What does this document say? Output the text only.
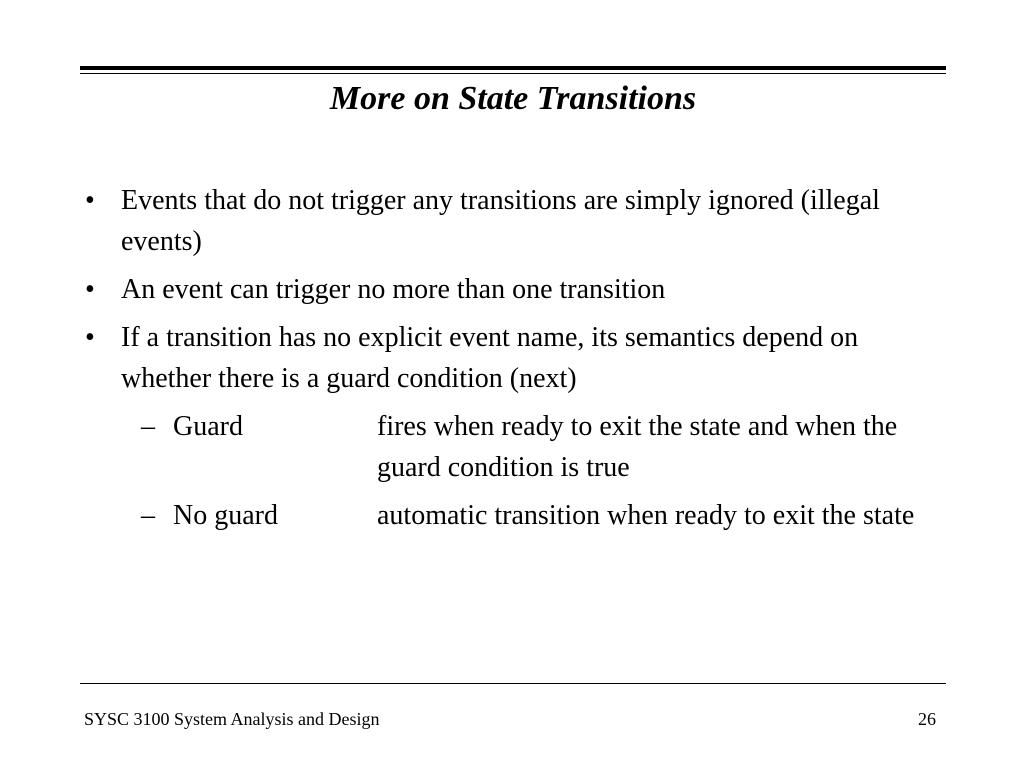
More on State Transitions
• Events that do not trigger any transitions are simply ignored (illegal events)
• An event can trigger no more than one transition
• If a transition has no explicit event name, its semantics depend on whether there is a guard condition (next)
– Guard	fires when ready to exit the state and when the guard condition is true
– No guard	automatic transition when ready to exit the state
SYSC 3100 System Analysis and Design	26
